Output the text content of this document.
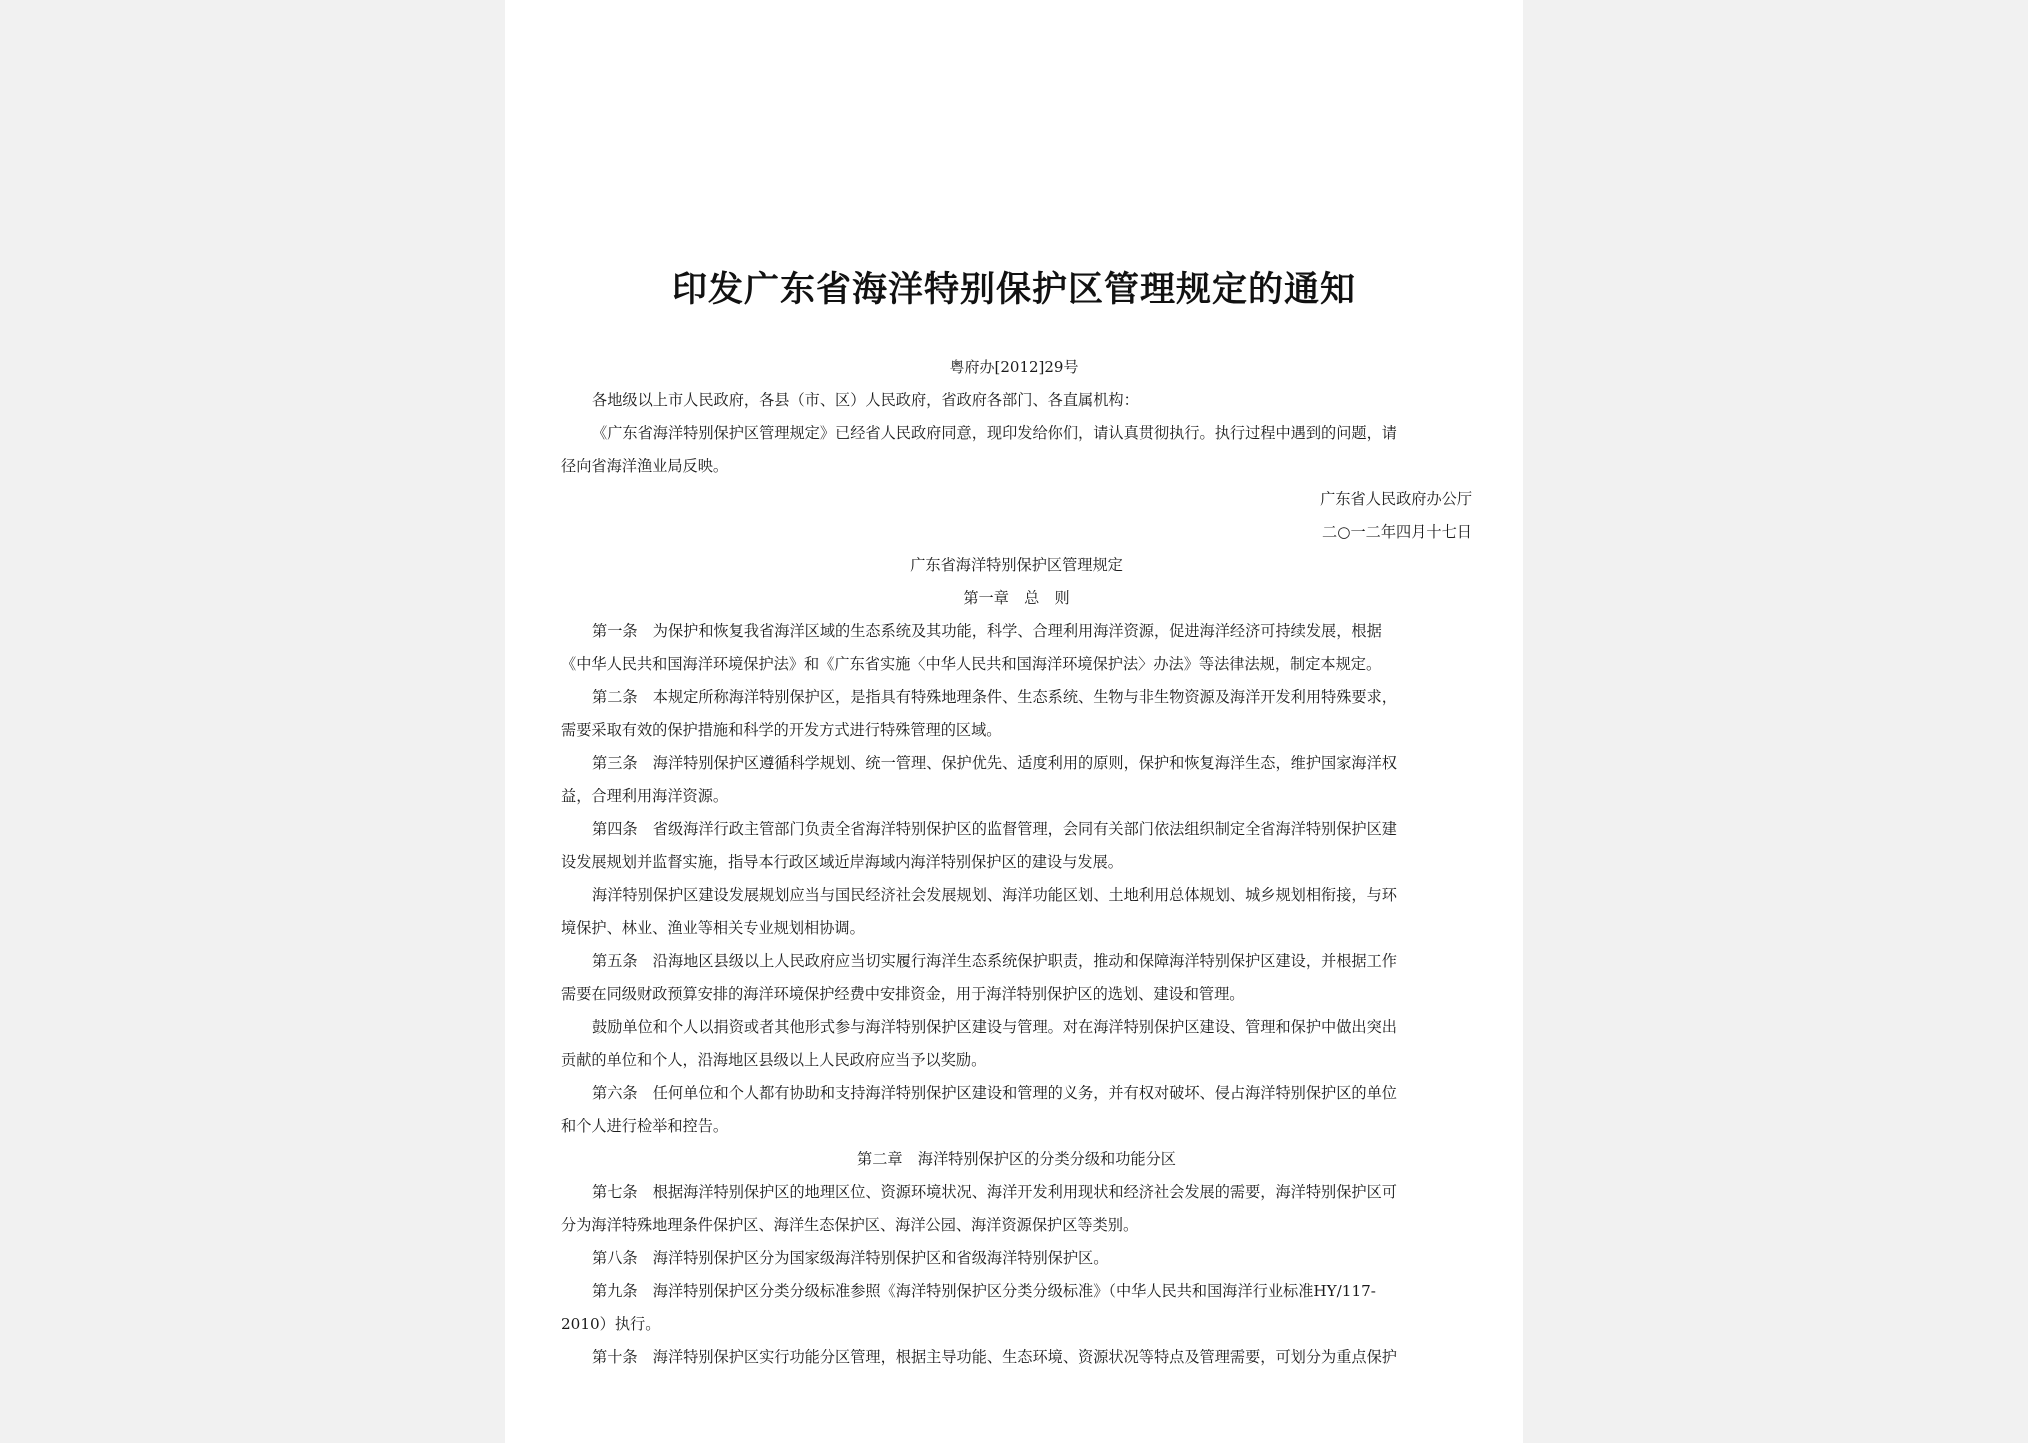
印发广东省海洋特别保护区管理规定的通知
粤府办[2012]29号
各地级以上市人民政府，各县（市、区）人民政府，省政府各部门、各直属机构：
《广东省海洋特别保护区管理规定》已经省人民政府同意，现印发给你们，请认真贯彻执行。执行过程中遇到的问题，请
径向省海洋渔业局反映。
广东省人民政府办公厅
二○一二年四月十七日
广东省海洋特别保护区管理规定
第一章　总　则
第一条　为保护和恢复我省海洋区域的生态系统及其功能，科学、合理利用海洋资源，促进海洋经济可持续发展，根据
《中华人民共和国海洋环境保护法》和《广东省实施〈中华人民共和国海洋环境保护法〉办法》等法律法规，制定本规定。
第二条　本规定所称海洋特别保护区，是指具有特殊地理条件、生态系统、生物与非生物资源及海洋开发利用特殊要求，
需要采取有效的保护措施和科学的开发方式进行特殊管理的区域。
第三条　海洋特别保护区遵循科学规划、统一管理、保护优先、适度利用的原则，保护和恢复海洋生态，维护国家海洋权
益，合理利用海洋资源。
第四条　省级海洋行政主管部门负责全省海洋特别保护区的监督管理，会同有关部门依法组织制定全省海洋特别保护区建
设发展规划并监督实施，指导本行政区域近岸海域内海洋特别保护区的建设与发展。
海洋特别保护区建设发展规划应当与国民经济社会发展规划、海洋功能区划、土地利用总体规划、城乡规划相衔接，与环
境保护、林业、渔业等相关专业规划相协调。
第五条　沿海地区县级以上人民政府应当切实履行海洋生态系统保护职责，推动和保障海洋特别保护区建设，并根据工作
需要在同级财政预算安排的海洋环境保护经费中安排资金，用于海洋特别保护区的选划、建设和管理。
鼓励单位和个人以捐资或者其他形式参与海洋特别保护区建设与管理。对在海洋特别保护区建设、管理和保护中做出突出
贡献的单位和个人，沿海地区县级以上人民政府应当予以奖励。
第六条　任何单位和个人都有协助和支持海洋特别保护区建设和管理的义务，并有权对破坏、侵占海洋特别保护区的单位
和个人进行检举和控告。
第二章　海洋特别保护区的分类分级和功能分区
第七条　根据海洋特别保护区的地理区位、资源环境状况、海洋开发利用现状和经济社会发展的需要，海洋特别保护区可
分为海洋特殊地理条件保护区、海洋生态保护区、海洋公园、海洋资源保护区等类别。
第八条　海洋特别保护区分为国家级海洋特别保护区和省级海洋特别保护区。
第九条　海洋特别保护区分类分级标准参照《海洋特别保护区分类分级标准》（中华人民共和国海洋行业标准HY/117-
2010）执行。
第十条　海洋特别保护区实行功能分区管理，根据主导功能、生态环境、资源状况等特点及管理需要，可划分为重点保护
